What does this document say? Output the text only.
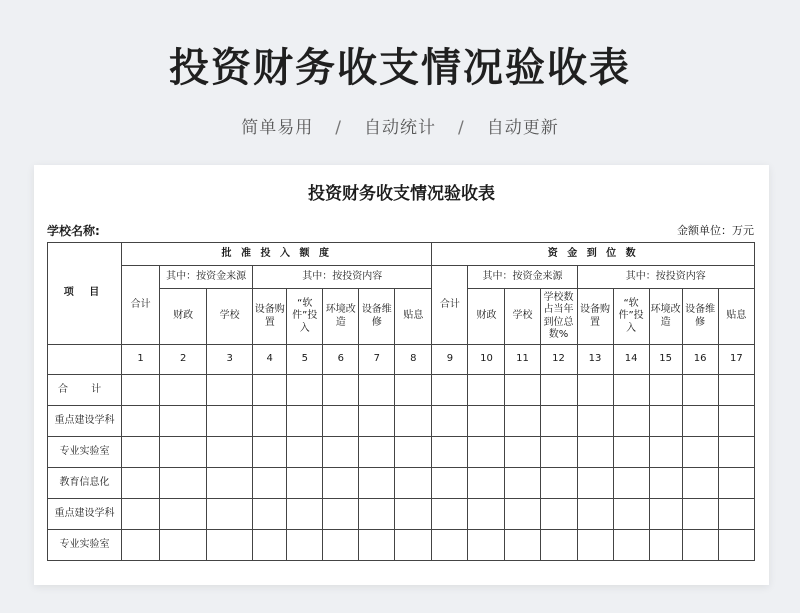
投资财务收支情况验收表
简单易用 / 自动统计 / 自动更新
投资财务收支情况验收表
学校名称:	金额单位：万元
项 目	批 准 投 入 额 度								资 金 到 位 数								
	合计	其中：按资金来源		其中：按投资内容					合计	其中：按资金来源			其中：按投资内容				
		财政	学校	设备购置	“软件”投入	环境改造	设备维修	贴息		财政	学校	学校数占当年到位总数%	设备购置	“软件”投入	环境改造	设备维修	贴息
	1	2	3	4	5	6	7	8	9	10	11	12	13	14	15	16	17
合 计																	
重点建设学科																	
专业实验室																	
教育信息化																	
重点建设学科																	
专业实验室																	
